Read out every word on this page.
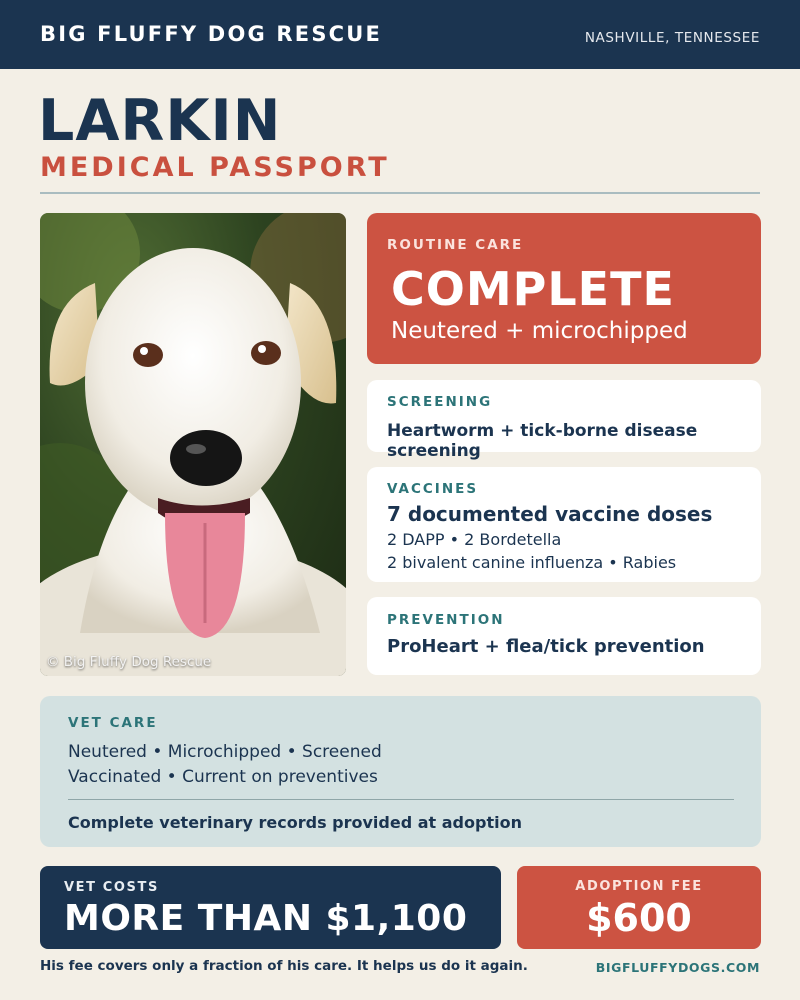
BIG FLUFFY DOG RESCUE	NASHVILLE, TENNESSEE
LARKIN
MEDICAL PASSPORT
© Big Fluffy Dog Rescue
ROUTINE CARE
COMPLETE
Neutered + microchipped
SCREENING
Heartworm + tick-borne disease screening
VACCINES
7 documented vaccine doses
2 DAPP • 2 Bordetella
2 bivalent canine influenza • Rabies
PREVENTION
ProHeart + flea/tick prevention
VET CARE
Neutered • Microchipped • Screened
Vaccinated • Current on preventives
Complete veterinary records provided at adoption
VET COSTS
MORE THAN $1,100
ADOPTION FEE
$600
His fee covers only a fraction of his care. It helps us do it again.	BIGFLUFFYDOGS.COM
